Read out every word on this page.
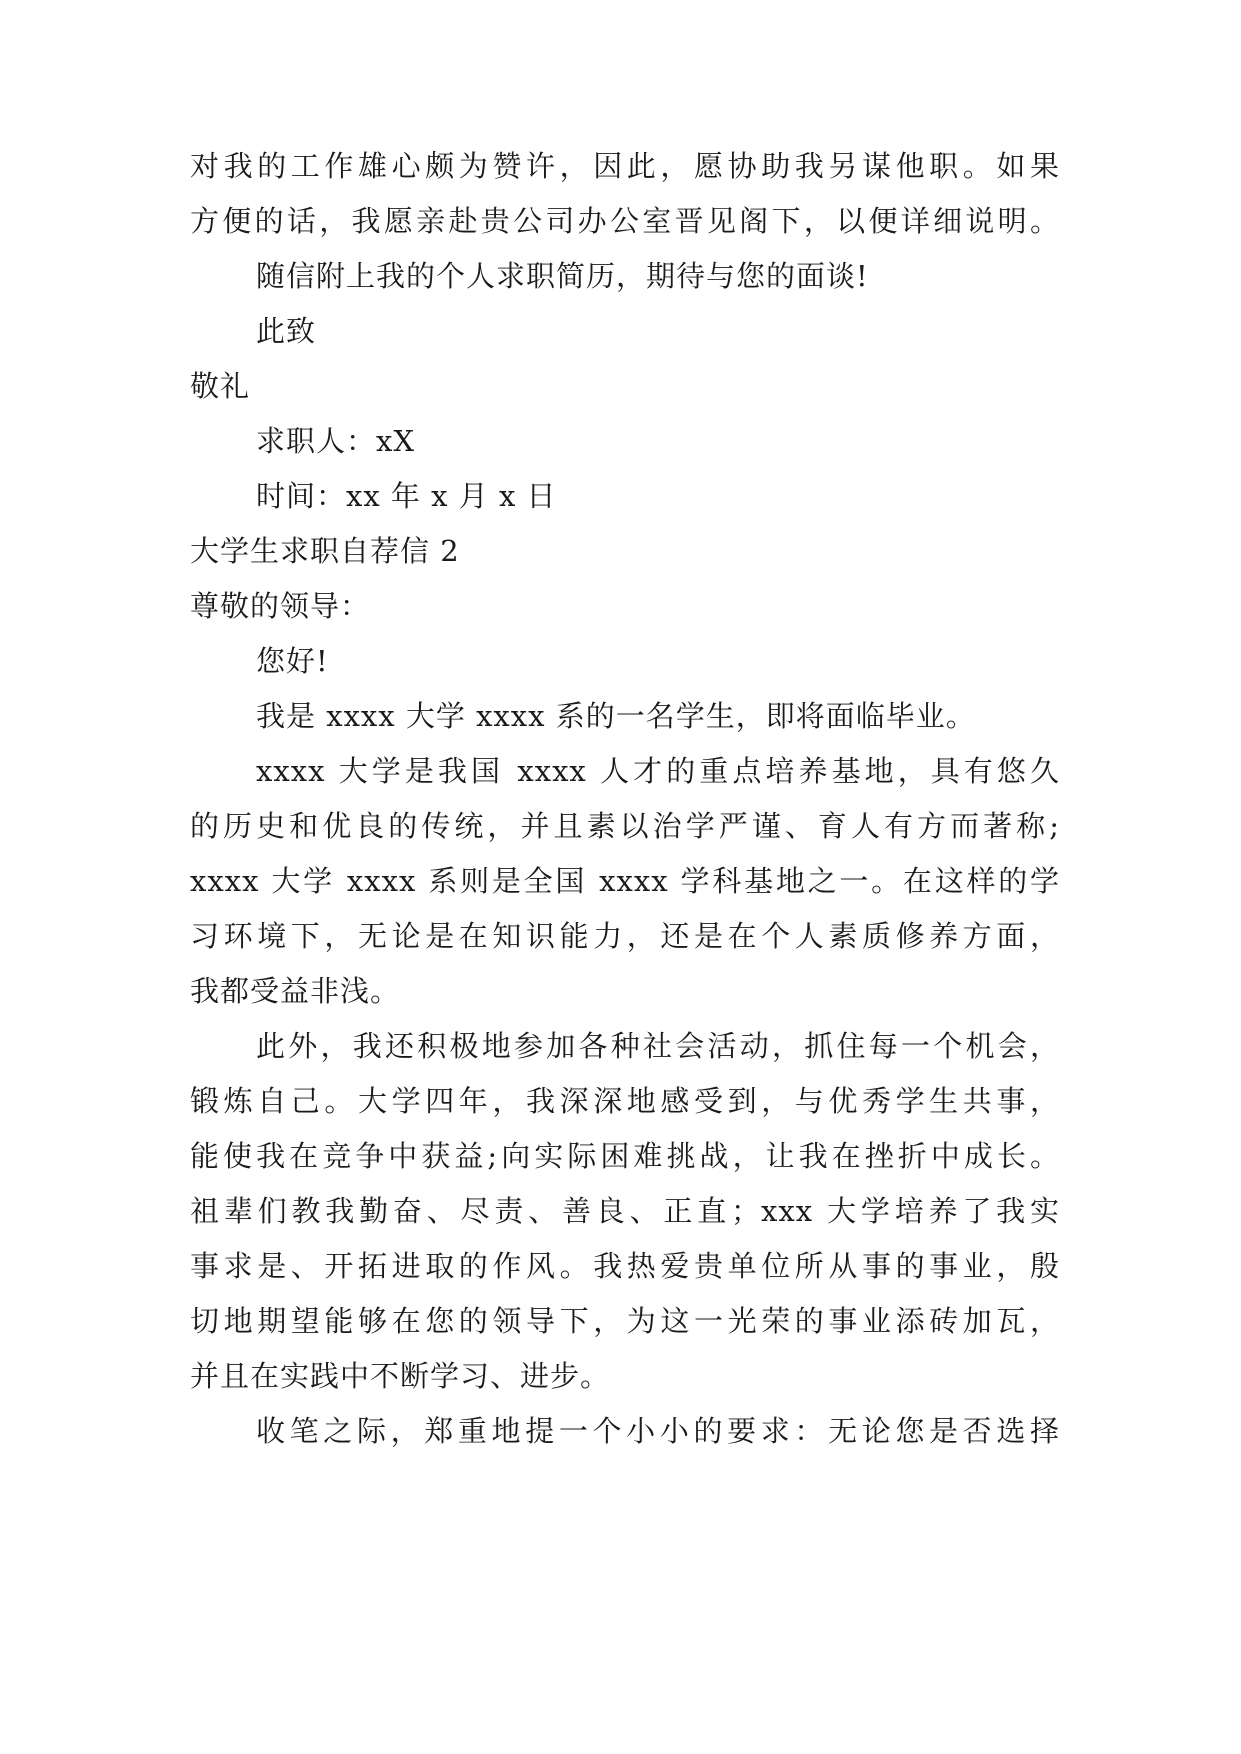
对我的工作雄心颇为赞许，因此，愿协助我另谋他职。如果
方便的话，我愿亲赴贵公司办公室晋见阁下，以便详细说明。
随信附上我的个人求职简历，期待与您的面谈!
此致
敬礼
求职人：xX
时间：xx 年 x 月 x 日
大学生求职自荐信 2
尊敬的领导：
您好!
我是 xxxx 大学 xxxx 系的一名学生，即将面临毕业。
xxxx 大学是我国 xxxx 人才的重点培养基地，具有悠久
的历史和优良的传统，并且素以治学严谨、育人有方而著称;
xxxx 大学 xxxx 系则是全国 xxxx 学科基地之一。在这样的学
习环境下，无论是在知识能力，还是在个人素质修养方面，
我都受益非浅。
此外，我还积极地参加各种社会活动，抓住每一个机会，
锻炼自己。大学四年，我深深地感受到，与优秀学生共事，
能使我在竞争中获益;向实际困难挑战，让我在挫折中成长。
祖辈们教我勤奋、尽责、善良、正直；xxx 大学培养了我实
事求是、开拓进取的作风。我热爱贵单位所从事的事业，殷
切地期望能够在您的领导下，为这一光荣的事业添砖加瓦，
并且在实践中不断学习、进步。
收笔之际，郑重地提一个小小的要求：无论您是否选择
